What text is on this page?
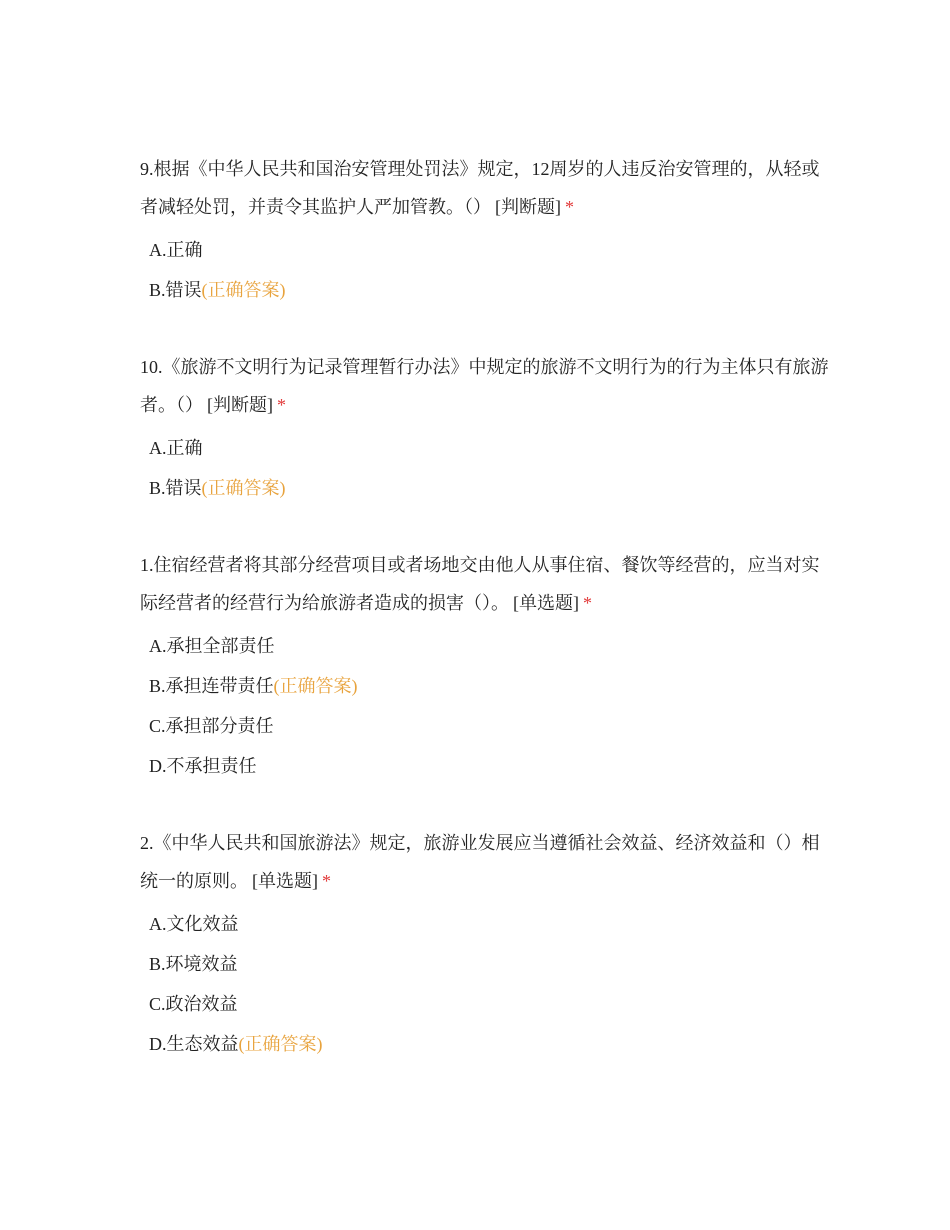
9.根据《中华人民共和国治安管理处罚法》规定，12周岁的人违反治安管理的，从轻或者减轻处罚，并责令其监护人严加管教。（） [判断题] *
A.正确
B.错误(正确答案)
10.《旅游不文明行为记录管理暂行办法》中规定的旅游不文明行为的行为主体只有旅游者。（） [判断题] *
A.正确
B.错误(正确答案)
1.住宿经营者将其部分经营项目或者场地交由他人从事住宿、餐饮等经营的，应当对实际经营者的经营行为给旅游者造成的损害（）。 [单选题] *
A.承担全部责任
B.承担连带责任(正确答案)
C.承担部分责任
D.不承担责任
2.《中华人民共和国旅游法》规定，旅游业发展应当遵循社会效益、经济效益和（）相统一的原则。 [单选题] *
A.文化效益
B.环境效益
C.政治效益
D.生态效益(正确答案)
